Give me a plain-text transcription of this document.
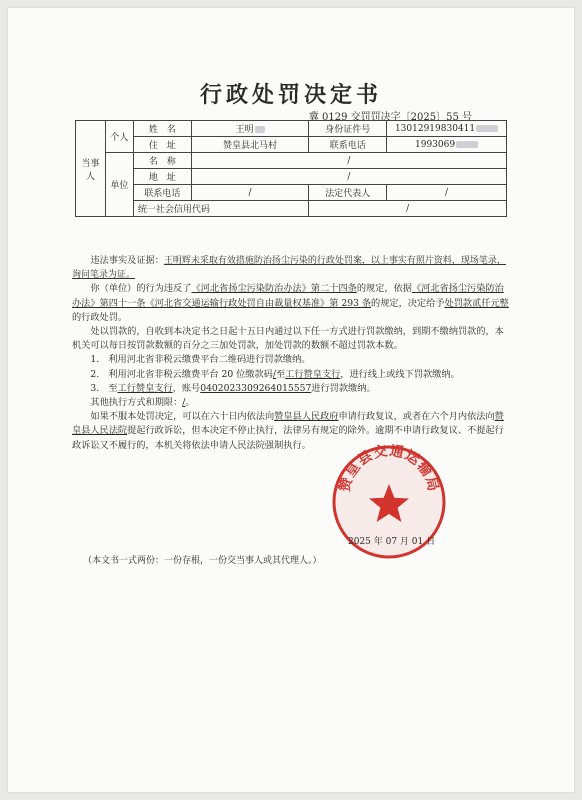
行政处罚决定书
冀 0129 交罚罚决字〔2025〕55 号
当事人	个人	姓　名	王明	身份证件号	13012919830411
		住　址	赞皇县北马村	联系电话	1993069
	单位	名　称	/		
		地　址	/		
		联系电话	/	法定代表人	/
		统一社会信用代码		/	

违法事实及证据：王明辉未采取有效措施防治扬尘污染的行政处罚案，以上事实有照片资料，现场笔录，询问笔录为证。

你（单位）的行为违反了《河北省扬尘污染防治办法》第二十四条的规定，依据《河北省扬尘污染防治办法》第四十一条《河北省交通运输行政处罚自由裁量权基准》第 293 条的规定，决定给予处罚款贰仟元整的行政处罚。

处以罚款的，自收到本决定书之日起十五日内通过以下任一方式进行罚款缴纳，到期不缴纳罚款的，本机关可以每日按罚款数额的百分之三加处罚款，加处罚款的数额不超过罚款本数。

1.　利用河北省非税云缴费平台二维码进行罚款缴纳。

2.　利用河北省非税云缴费平台 20 位缴款码/至工行赞皇支行，进行线上或线下罚款缴纳。

3.　至工行赞皇支行，账号0402023309264015557进行罚款缴纳。

其他执行方式和期限：/。

如果不服本处罚决定，可以在六十日内依法向赞皇县人民政府申请行政复议，或者在六个月内依法向赞皇县人民法院提起行政诉讼，但本决定不停止执行，法律另有规定的除外。逾期不申请行政复议、不提起行政诉讼又不履行的，本机关将依法申请人民法院强制执行。

赞皇县交通运输局
2025 年 07 月 01 日
（本文书一式两份：一份存根，一份交当事人或其代理人。）
